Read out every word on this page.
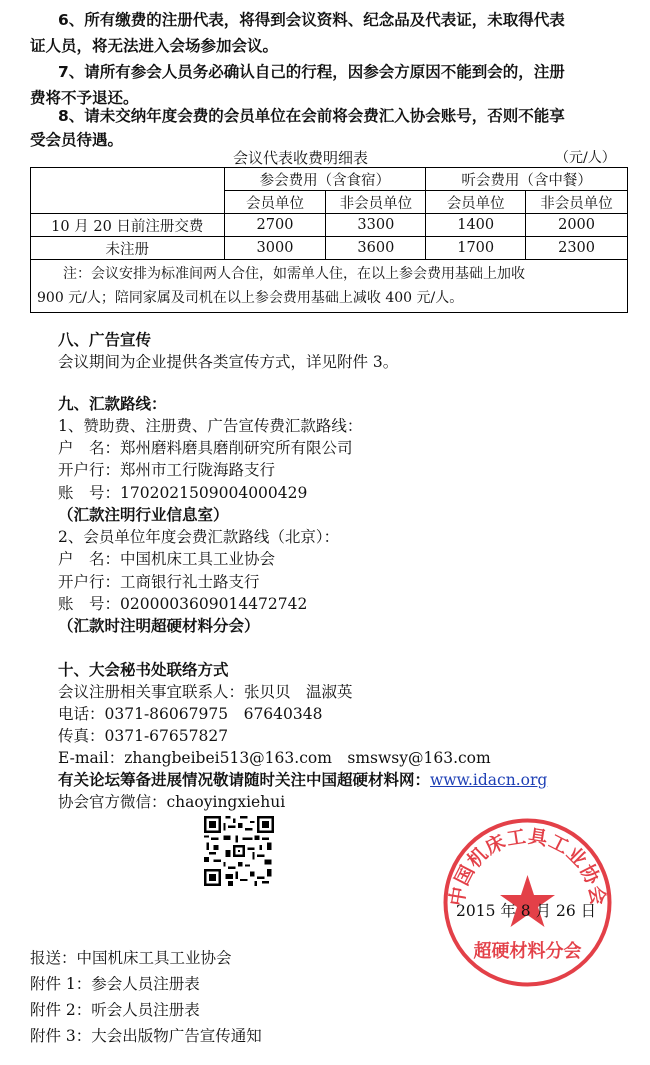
6、所有缴费的注册代表，将得到会议资料、纪念品及代表证，未取得代表
证人员，将无法进入会场参加会议。
7、请所有参会人员务必确认自己的行程，因参会方原因不能到会的，注册
费将不予退还。
8、请未交纳年度会费的会员单位在会前将会费汇入协会账号，否则不能享
受会员待遇。
会议代表收费明细表	（元/人）
	参会费用（含食宿）		听会费用（含中餐）	
	会员单位	非会员单位	会员单位	非会员单位
10 月 20 日前注册交费	2700	3300	1400	2000
未注册	3000	3600	1700	2300

注：会议安排为标准间两人合住，如需单人住，在以上参会费用基础上加收
900 元/人；陪同家属及司机在以上参会费用基础上减收 400 元/人。				
八、广告宣传
会议期间为企业提供各类宣传方式，详见附件 3。
九、汇款路线：
1、赞助费、注册费、广告宣传费汇款路线：
户　名：郑州磨料磨具磨削研究所有限公司
开户行：郑州市工行陇海路支行
账　号：1702021509004000429
（汇款注明行业信息室）
2、会员单位年度会费汇款路线（北京）：
户　名：中国机床工具工业协会
开户行：工商银行礼士路支行
账　号：0200003609014472742
（汇款时注明超硬材料分会）
十、大会秘书处联络方式
会议注册相关事宜联系人：张贝贝　温淑英
电话：0371-86067975　67640348
传真：0371-67657827
E-mail：zhangbeibei513@163.com　smswsy@163.com
有关论坛筹备进展情况敬请随时关注中国超硬材料网：www.idacn.org
协会官方微信：chaoyingxiehui
中国机床工具工业协会
超硬材料分会
2015 年 8 月 26 日
报送：中国机床工具工业协会
附件 1：参会人员注册表
附件 2：听会人员注册表
附件 3：大会出版物广告宣传通知
